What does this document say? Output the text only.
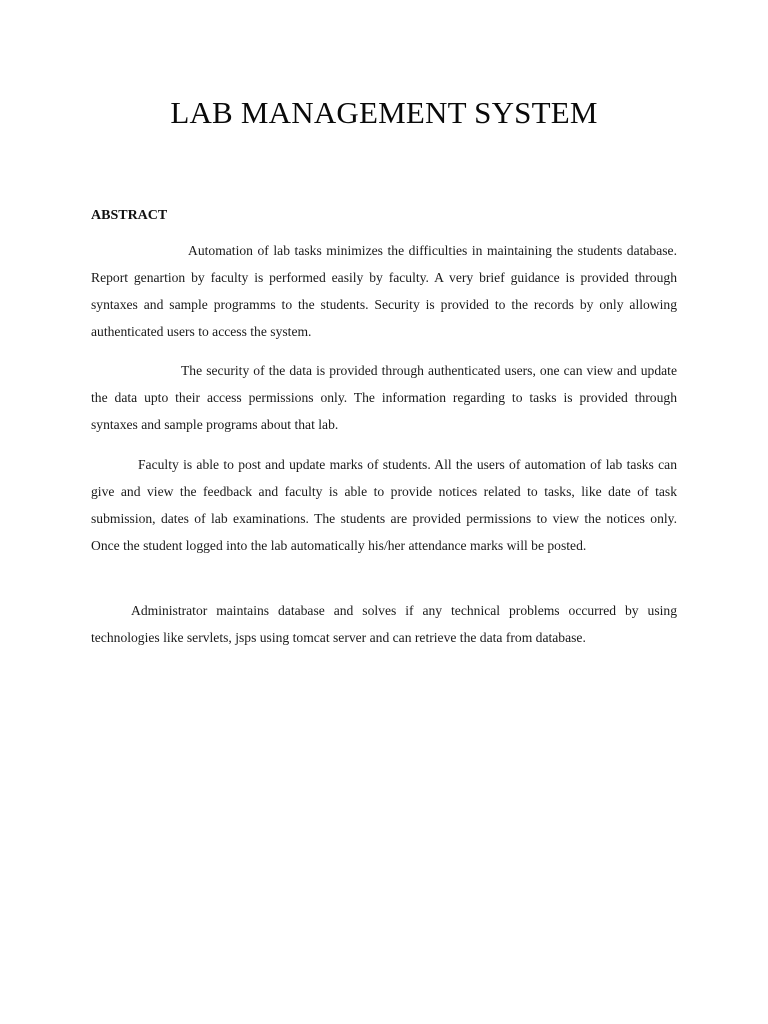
LAB MANAGEMENT SYSTEM
ABSTRACT

Automation of lab tasks minimizes the difficulties in maintaining the students database. Report genartion by faculty is performed easily by faculty. A very brief guidance is provided through syntaxes and sample programms to the students. Security is provided to the records by only allowing authenticated users to access the system.

The security of the data is provided through authenticated users, one can view and update the data upto their access permissions only. The information regarding to tasks is provided through syntaxes and sample programs about that lab.

Faculty is able to post and update marks of students. All the users of automation of lab tasks can give and view the feedback and faculty is able to provide notices related to tasks, like date of task submission, dates of lab examinations. The students are provided permissions to view the notices only. Once the student logged into the lab automatically his/her attendance marks will be posted.

Administrator maintains database and solves if any technical problems occurred by using technologies like servlets, jsps using tomcat server and can retrieve the data from database.
